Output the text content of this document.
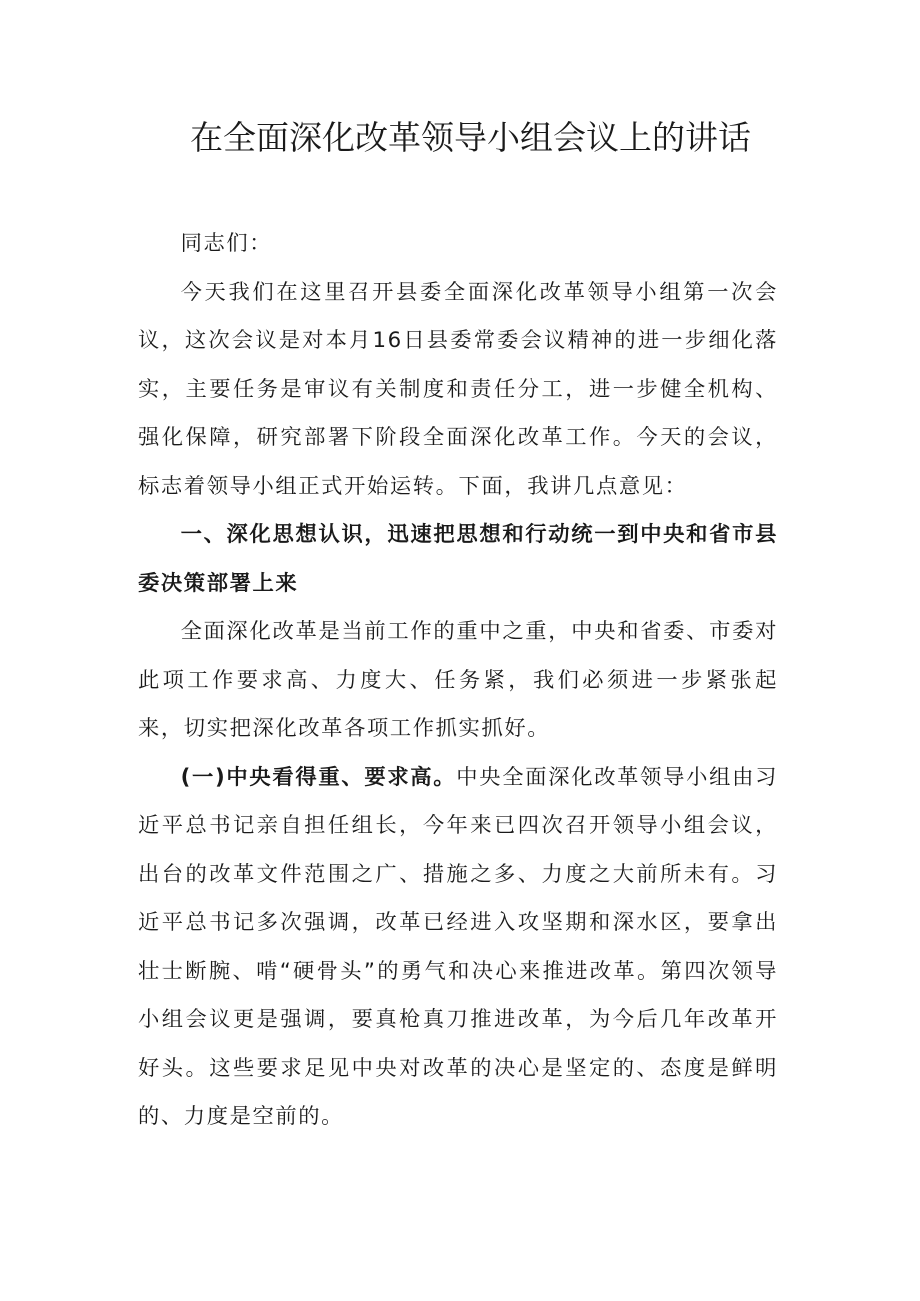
在全面深化改革领导小组会议上的讲话

同志们：

今天我们在这里召开县委全面深化改革领导小组第一次会议，这次会议是对本月16日县委常委会议精神的进一步细化落实，主要任务是审议有关制度和责任分工，进一步健全机构、强化保障，研究部署下阶段全面深化改革工作。今天的会议，标志着领导小组正式开始运转。下面，我讲几点意见：

一、深化思想认识，迅速把思想和行动统一到中央和省市县委决策部署上来

全面深化改革是当前工作的重中之重，中央和省委、市委对此项工作要求高、力度大、任务紧，我们必须进一步紧张起来，切实把深化改革各项工作抓实抓好。

(一)中央看得重、要求高。中央全面深化改革领导小组由习近平总书记亲自担任组长，今年来已四次召开领导小组会议，出台的改革文件范围之广、措施之多、力度之大前所未有。习近平总书记多次强调，改革已经进入攻坚期和深水区，要拿出壮士断腕、啃“硬骨头”的勇气和决心来推进改革。第四次领导小组会议更是强调，要真枪真刀推进改革，为今后几年改革开好头。这些要求足见中央对改革的决心是坚定的、态度是鲜明的、力度是空前的。
